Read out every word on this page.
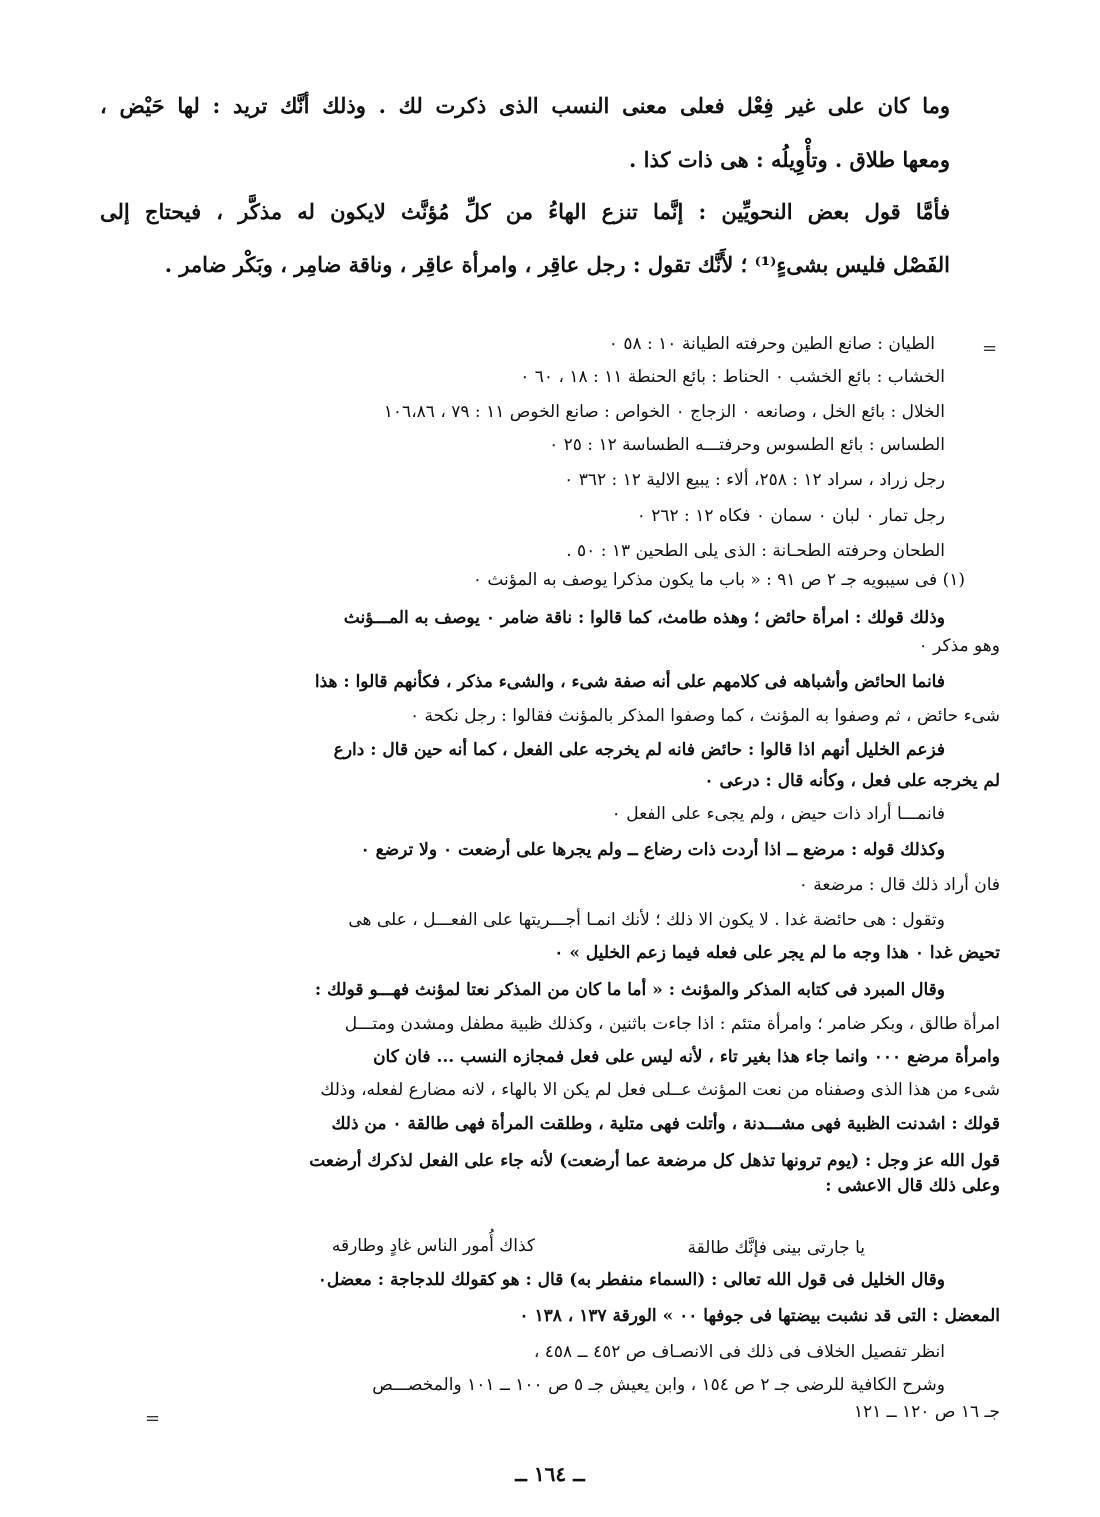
وما كان على غير فِعْل فعلى معنى النسب الذى ذكرت لك . وذلك أنَّك تريد : لها حَيْض ،
ومعها طلاق . وتأْوِيلُه : هى ذات كذا .
فأمَّا قول بعض النحويِّين : إنَّما تنزع الهاءُ من كلِّ مُؤنَّث لايكون له مذكَّر ، فيحتاج إلى
الفَصْل فليس بشىءٍ⁽¹⁾ ؛ لأَنَّك تقول : رجل عاقِر ، وامرأة عاقِر ، وناقة ضامِر ، وبَكْر ضامر .
=
الطيان : صانع الطين وحرفته الطيانة ١٠ : ٥٨ ٠
الخشاب : بائع الخشب ٠ الحناط : بائع الحنطة ١١ : ١٨ ، ٦٠ ٠
الخلال : بائع الخل ، وصانعه ٠ الزجاج ٠ الخواص : صانع الخوص ١١ : ٧٩ ، ١٠٦،٨٦
الطساس : بائع الطسوس وحرفتـــه الطساسة ١٢ : ٢٥ ٠
رجل زراد ، سراد ١٢ : ٢٥٨، ألاء : يبيع الالية ١٢ : ٣٦٢ ٠
رجل تمار ٠ لبان ٠ سمان ٠ فكاه ١٢ : ٢٦٢ ٠
الطحان وحرفته الطحـانة : الذى يلى الطحين ١٣ : ٥٠ .
(١) فى سيبويه جـ ٢ ص ٩١ : « باب ما يكون مذكرا يوصف به المؤنث ٠
وذلك قولك : امرأة حائض ؛ وهذه طامث، كما قالوا : ناقة ضامر ٠ يوصف به المـــؤنث
وهو مذكر ٠
فانما الحائض وأشباهه فى كلامهم على أنه صفة شىء ، والشىء مذكر ، فكأنهم قالوا : هذا
شىء حائض ، ثم وصفوا به المؤنث ، كما وصفوا المذكر بالمؤنث فقالوا : رجل نكحة ٠
فزعم الخليل أنهم اذا قالوا : حائض فانه لم يخرجه على الفعل ، كما أنه حين قال : دارع
لم يخرجه على فعل ، وكأنه قال : درعى ٠
فانمـــا أراد ذات حيض ، ولم يجىء على الفعل ٠
وكذلك قوله : مرضع ــ اذا أردت ذات رضاع ــ ولم يجرها على أرضعت ٠ ولا ترضع ٠
فان أراد ذلك قال : مرضعة ٠
وتقول : هى حائضة غدا . لا يكون الا ذلك ؛ لأنك انمـا أجـــريتها على الفعـــل ، على هى
تحيض غدا ٠ هذا وجه ما لم يجر على فعله فيما زعم الخليل » ٠
وقال المبرد فى كتابه المذكر والمؤنث : « أما ما كان من المذكر نعتا لمؤنث فهـــو قولك :
امرأة طالق ، وبكر ضامر ؛ وامرأة متئم : اذا جاءت باثنين ، وكذلك ظبية مطفل ومشدن ومتـــل
وامرأة مرضع ٠٠٠ وانما جاء هذا بغير تاء ، لأنه ليس على فعل فمجازه النسب ... فان كان
شىء من هذا الذى وصفناه من نعت المؤنث عــلى فعل لم يكن الا بالهاء ، لانه مضارع لفعله، وذلك
قولك : اشدنت الظبية فهى مشـــدنة ، وأتلت فهى متلية ، وطلقت المرأة فهى طالقة ٠ من ذلك
قول الله عز وجل : (يوم ترونها تذهل كل مرضعة عما أرضعت) لأنه جاء على الفعل لذكرك أرضعت
وعلى ذلك قال الاعشى :
يا جارتى بينى فإنَّك طالقة
كذاك أُمور الناس غادٍ وطارقه
وقال الخليل فى قول الله تعالى : (السماء منفطر به) قال : هو كقولك للدجاجة : معضل٠
المعضل : التى قد نشبت بيضتها فى جوفها ٠٠ » الورقة ١٣٧ ، ١٣٨ ٠
انظر تفصيل الخلاف فى ذلك فى الانصـاف ص ٤٥٢ ــ ٤٥٨ ،
وشرح الكافية للرضى جـ ٢ ص ١٥٤ ، وابن يعيش جـ ٥ ص ١٠٠ ــ ١٠١ والمخصـــص
جـ ١٦ ص ١٢٠ ــ ١٢١
=
ــ ١٦٤ ــ
